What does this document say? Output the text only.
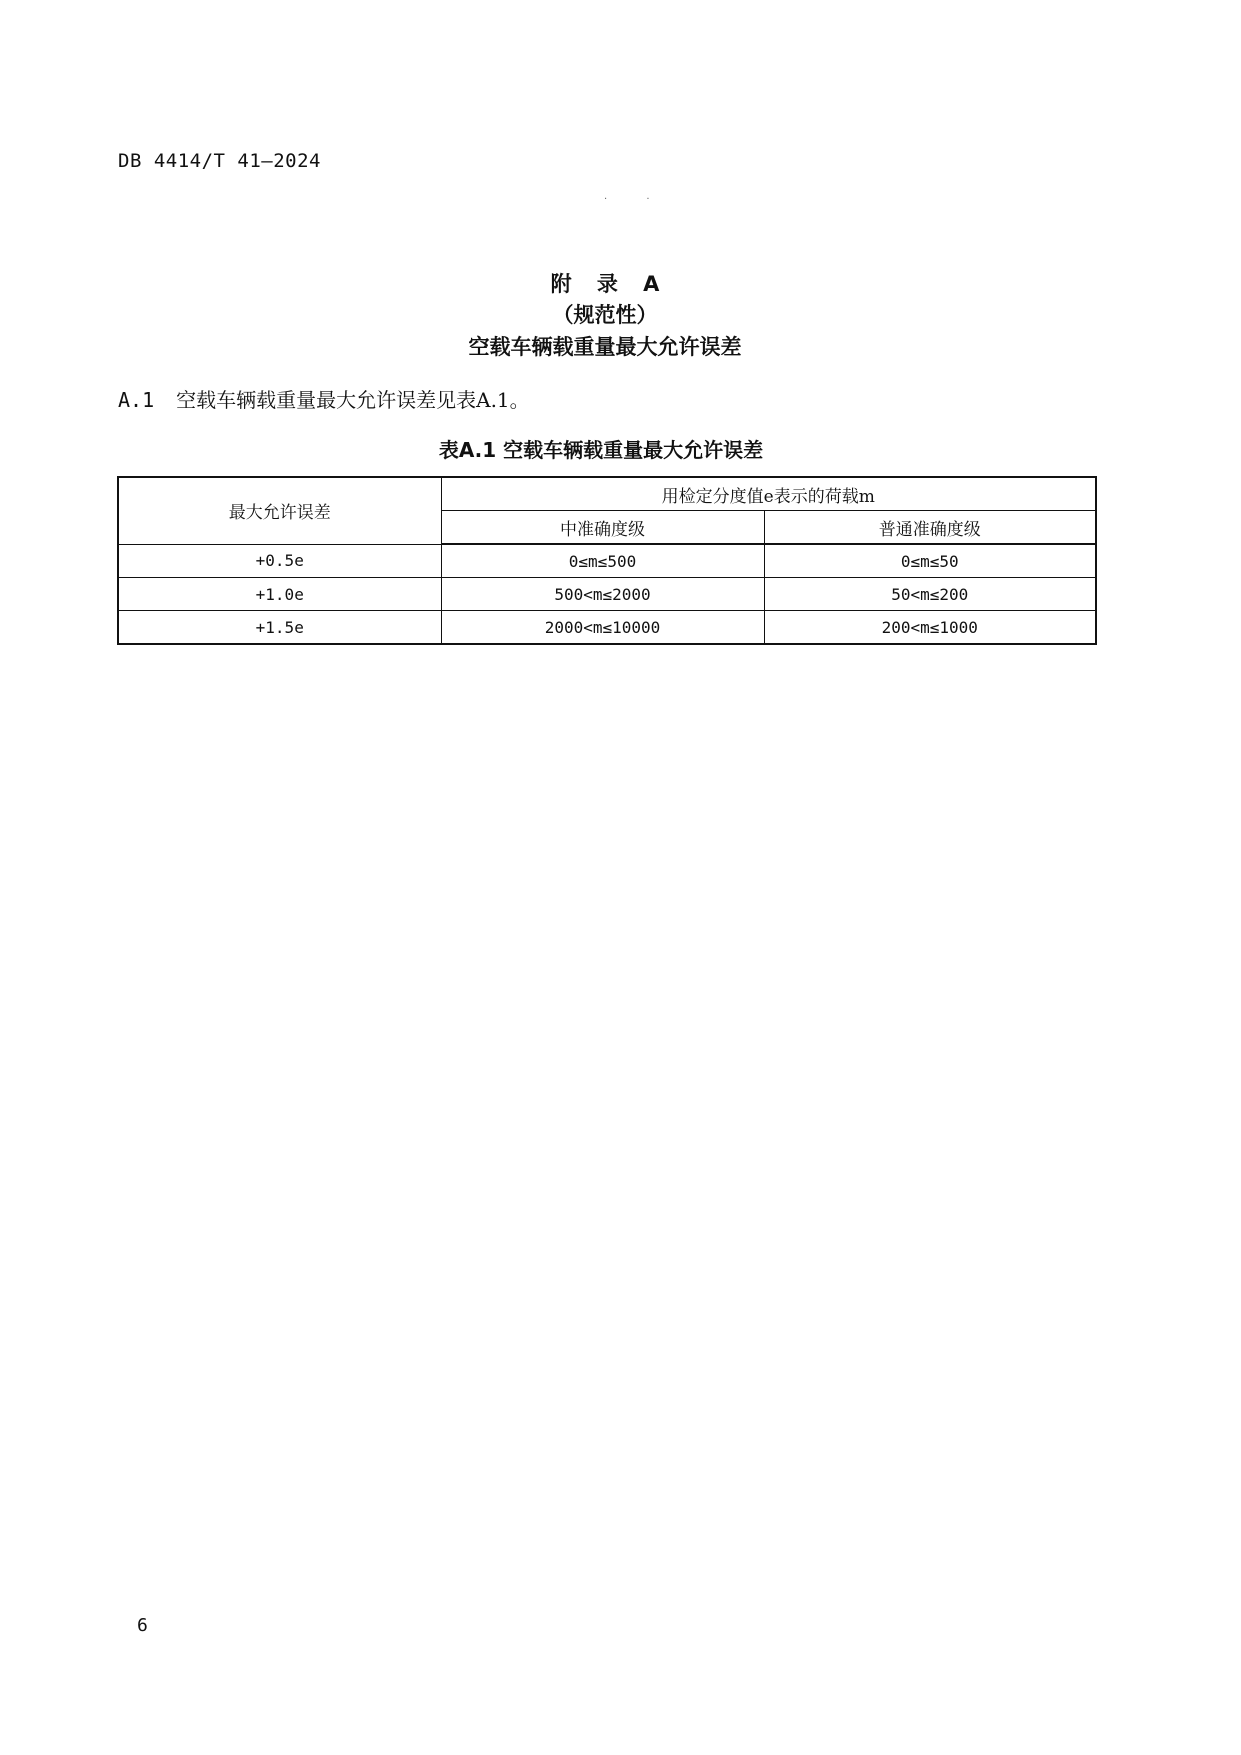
DB 4414/T 41—2024
· ·
附 录 A
（规范性）
空载车辆载重量最大允许误差
A.1 空载车辆载重量最大允许误差见表A.1。
表A.1 空载车辆载重量最大允许误差
最大允许误差	用检定分度值e表示的荷载m	
	中准确度级	普通准确度级
+0.5e	0≤m≤500	0≤m≤50
+1.0e	500<m≤2000	50<m≤200
+1.5e	2000<m≤10000	200<m≤1000
6
